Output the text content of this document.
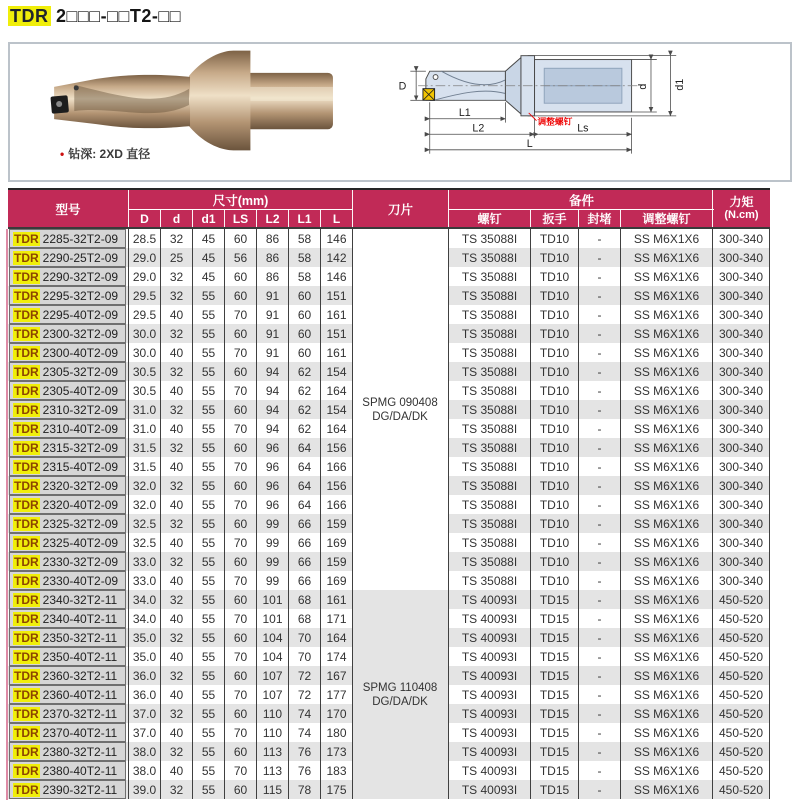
TDR 2□□□-□□T2-□□
D
L1
L2	Ls
L
d d1
调整螺钉
• 钻深: 2XD 直径
型号
尺寸(mm)
D	d	d1	LS	L2	L1	L
刀片
备件
螺钉	扳手	封堵	调整螺钉
力矩
(N.cm)
TDR 2285-32T2-09	28.5	32	45	60	86	58	146	TS 35088I	TD10	-	SS M6X1X6	300-340
TDR 2290-25T2-09	29.0	25	45	56	86	58	142	TS 35088I	TD10	-	SS M6X1X6	300-340
TDR 2290-32T2-09	29.0	32	45	60	86	58	146	TS 35088I	TD10	-	SS M6X1X6	300-340
TDR 2295-32T2-09	29.5	32	55	60	91	60	151	TS 35088I	TD10	-	SS M6X1X6	300-340
TDR 2295-40T2-09	29.5	40	55	70	91	60	161	TS 35088I	TD10	-	SS M6X1X6	300-340
TDR 2300-32T2-09	30.0	32	55	60	91	60	151	TS 35088I	TD10	-	SS M6X1X6	300-340
TDR 2300-40T2-09	30.0	40	55	70	91	60	161	TS 35088I	TD10	-	SS M6X1X6	300-340
TDR 2305-32T2-09	30.5	32	55	60	94	62	154	TS 35088I	TD10	-	SS M6X1X6	300-340
TDR 2305-40T2-09	30.5	40	55	70	94	62	164	TS 35088I	TD10	-	SS M6X1X6	300-340
TDR 2310-32T2-09	31.0	32	55	60	94	62	154	TS 35088I	TD10	-	SS M6X1X6	300-340
TDR 2310-40T2-09	31.0	40	55	70	94	62	164	TS 35088I	TD10	-	SS M6X1X6	300-340
TDR 2315-32T2-09	31.5	32	55	60	96	64	156	TS 35088I	TD10	-	SS M6X1X6	300-340
TDR 2315-40T2-09	31.5	40	55	70	96	64	166	TS 35088I	TD10	-	SS M6X1X6	300-340
TDR 2320-32T2-09	32.0	32	55	60	96	64	156	TS 35088I	TD10	-	SS M6X1X6	300-340
TDR 2320-40T2-09	32.0	40	55	70	96	64	166	TS 35088I	TD10	-	SS M6X1X6	300-340
TDR 2325-32T2-09	32.5	32	55	60	99	66	159	TS 35088I	TD10	-	SS M6X1X6	300-340
TDR 2325-40T2-09	32.5	40	55	70	99	66	169	TS 35088I	TD10	-	SS M6X1X6	300-340
TDR 2330-32T2-09	33.0	32	55	60	99	66	159	TS 35088I	TD10	-	SS M6X1X6	300-340
TDR 2330-40T2-09	33.0	40	55	70	99	66	169	TS 35088I	TD10	-	SS M6X1X6	300-340
TDR 2340-32T2-11	34.0	32	55	60	101	68	161	TS 40093I	TD15	-	SS M6X1X6	450-520
TDR 2340-40T2-11	34.0	40	55	70	101	68	171	TS 40093I	TD15	-	SS M6X1X6	450-520
TDR 2350-32T2-11	35.0	32	55	60	104	70	164	TS 40093I	TD15	-	SS M6X1X6	450-520
TDR 2350-40T2-11	35.0	40	55	70	104	70	174	TS 40093I	TD15	-	SS M6X1X6	450-520
TDR 2360-32T2-11	36.0	32	55	60	107	72	167	TS 40093I	TD15	-	SS M6X1X6	450-520
TDR 2360-40T2-11	36.0	40	55	70	107	72	177	TS 40093I	TD15	-	SS M6X1X6	450-520
TDR 2370-32T2-11	37.0	32	55	60	110	74	170	TS 40093I	TD15	-	SS M6X1X6	450-520
TDR 2370-40T2-11	37.0	40	55	70	110	74	180	TS 40093I	TD15	-	SS M6X1X6	450-520
TDR 2380-32T2-11	38.0	32	55	60	113	76	173	TS 40093I	TD15	-	SS M6X1X6	450-520
TDR 2380-40T2-11	38.0	40	55	70	113	76	183	TS 40093I	TD15	-	SS M6X1X6	450-520
TDR 2390-32T2-11	39.0	32	55	60	115	78	175	TS 40093I	TD15	-	SS M6X1X6	450-520
SPMG 090408
DG/DA/DK
SPMG 110408
DG/DA/DK
